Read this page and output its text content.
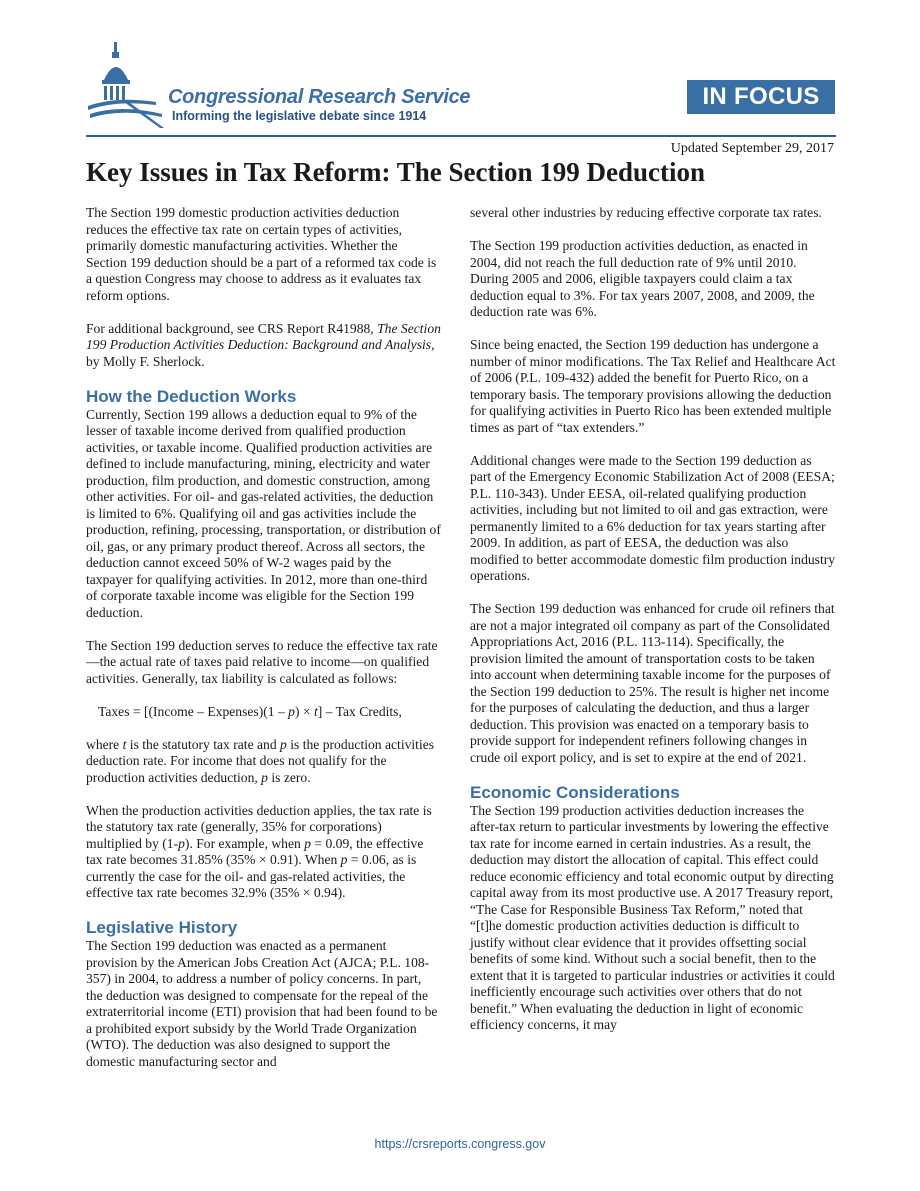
Congressional Research Service
Informing the legislative debate since 1914
IN FOCUS
Updated September 29, 2017
Key Issues in Tax Reform: The Section 199 Deduction

The Section 199 domestic production activities deduction reduces the effective tax rate on certain types of activities, primarily domestic manufacturing activities. Whether the Section 199 deduction should be a part of a reformed tax code is a question Congress may choose to address as it evaluates tax reform options.

For additional background, see CRS Report R41988, The Section 199 Production Activities Deduction: Background and Analysis, by Molly F. Sherlock.

How the Deduction Works

Currently, Section 199 allows a deduction equal to 9% of the lesser of taxable income derived from qualified production activities, or taxable income. Qualified production activities are defined to include manufacturing, mining, electricity and water production, film production, and domestic construction, among other activities. For oil- and gas-related activities, the deduction is limited to 6%. Qualifying oil and gas activities include the production, refining, processing, transportation, or distribution of oil, gas, or any primary product thereof. Across all sectors, the deduction cannot exceed 50% of W-2 wages paid by the taxpayer for qualifying activities. In 2012, more than one-third of corporate taxable income was eligible for the Section 199 deduction.

The Section 199 deduction serves to reduce the effective tax rate—the actual rate of taxes paid relative to income—on qualified activities. Generally, tax liability is calculated as follows:

Taxes = [(Income – Expenses)(1 – p) × t] – Tax Credits,

where t is the statutory tax rate and p is the production activities deduction rate. For income that does not qualify for the production activities deduction, p is zero.

When the production activities deduction applies, the tax rate is the statutory tax rate (generally, 35% for corporations) multiplied by (1-p). For example, when p = 0.09, the effective tax rate becomes 31.85% (35% × 0.91). When p = 0.06, as is currently the case for the oil- and gas-related activities, the effective tax rate becomes 32.9% (35% × 0.94).

Legislative History

The Section 199 deduction was enacted as a permanent provision by the American Jobs Creation Act (AJCA; P.L. 108-357) in 2004, to address a number of policy concerns. In part, the deduction was designed to compensate for the repeal of the extraterritorial income (ETI) provision that had been found to be a prohibited export subsidy by the World Trade Organization (WTO). The deduction was also designed to support the domestic manufacturing sector and

several other industries by reducing effective corporate tax rates.

The Section 199 production activities deduction, as enacted in 2004, did not reach the full deduction rate of 9% until 2010. During 2005 and 2006, eligible taxpayers could claim a tax deduction equal to 3%. For tax years 2007, 2008, and 2009, the deduction rate was 6%.

Since being enacted, the Section 199 deduction has undergone a number of minor modifications. The Tax Relief and Healthcare Act of 2006 (P.L. 109-432) added the benefit for Puerto Rico, on a temporary basis. The temporary provisions allowing the deduction for qualifying activities in Puerto Rico has been extended multiple times as part of “tax extenders.”

Additional changes were made to the Section 199 deduction as part of the Emergency Economic Stabilization Act of 2008 (EESA; P.L. 110-343). Under EESA, oil-related qualifying production activities, including but not limited to oil and gas extraction, were permanently limited to a 6% deduction for tax years starting after 2009. In addition, as part of EESA, the deduction was also modified to better accommodate domestic film production industry operations.

The Section 199 deduction was enhanced for crude oil refiners that are not a major integrated oil company as part of the Consolidated Appropriations Act, 2016 (P.L. 113-114). Specifically, the provision limited the amount of transportation costs to be taken into account when determining taxable income for the purposes of the Section 199 deduction to 25%. The result is higher net income for the purposes of calculating the deduction, and thus a larger deduction. This provision was enacted on a temporary basis to provide support for independent refiners following changes in crude oil export policy, and is set to expire at the end of 2021.

Economic Considerations

The Section 199 production activities deduction increases the after-tax return to particular investments by lowering the effective tax rate for income earned in certain industries. As a result, the deduction may distort the allocation of capital. This effect could reduce economic efficiency and total economic output by directing capital away from its most productive use. A 2017 Treasury report, “The Case for Responsible Business Tax Reform,” noted that “[t]he domestic production activities deduction is difficult to justify without clear evidence that it provides offsetting social benefits of some kind. Without such a social benefit, then to the extent that it is targeted to particular industries or activities it could inefficiently encourage such activities over others that do not benefit.” When evaluating the deduction in light of economic efficiency concerns, it may

https://crsreports.congress.gov
